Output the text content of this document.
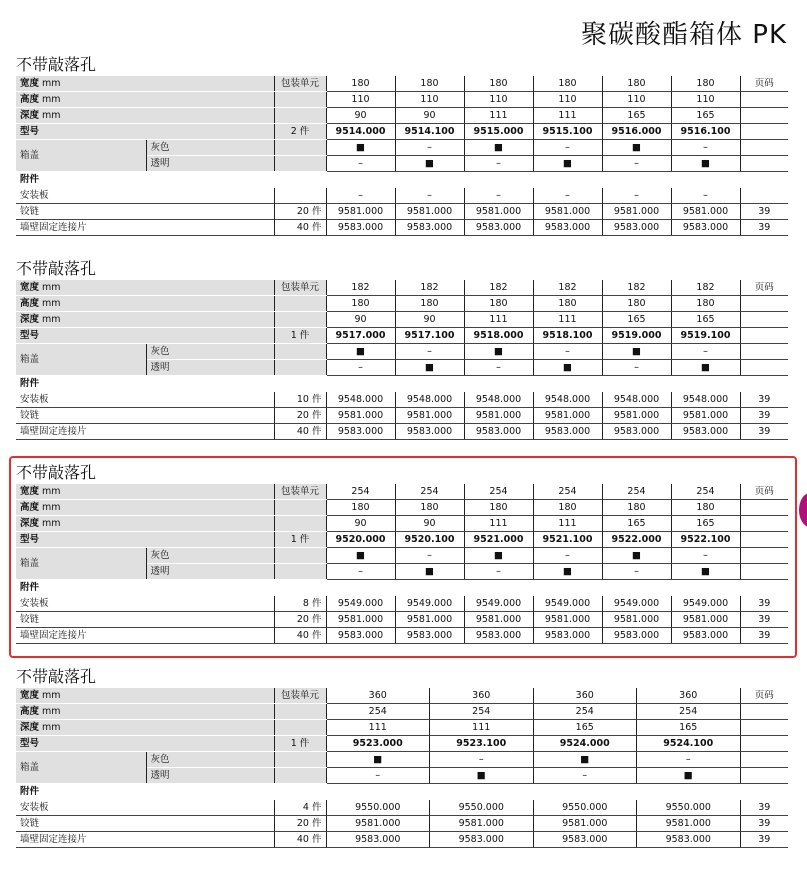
聚碳酸酯箱体 PK
不带敲落孔
宽度 mm		包装单元	180	180	180	180	180	180	页码
高度 mm			110	110	110	110	110	110	
深度 mm			90	90	111	111	165	165	
型号		2 件	9514.000	9514.100	9515.000	9515.100	9516.000	9516.100	
箱盖	灰色		■	–	■	–	■	–	
	透明		–	■	–	■	–	■	
附件									
安装板			–	–	–	–	–	–	
铰链		20 件	9581.000	9581.000	9581.000	9581.000	9581.000	9581.000	39
墙壁固定连接片		40 件	9583.000	9583.000	9583.000	9583.000	9583.000	9583.000	39
不带敲落孔
宽度 mm		包装单元	182	182	182	182	182	182	页码
高度 mm			180	180	180	180	180	180	
深度 mm			90	90	111	111	165	165	
型号		1 件	9517.000	9517.100	9518.000	9518.100	9519.000	9519.100	
箱盖	灰色		■	–	■	–	■	–	
	透明		–	■	–	■	–	■	
附件									
安装板		10 件	9548.000	9548.000	9548.000	9548.000	9548.000	9548.000	39
铰链		20 件	9581.000	9581.000	9581.000	9581.000	9581.000	9581.000	39
墙壁固定连接片		40 件	9583.000	9583.000	9583.000	9583.000	9583.000	9583.000	39
不带敲落孔
宽度 mm		包装单元	254	254	254	254	254	254	页码
高度 mm			180	180	180	180	180	180	
深度 mm			90	90	111	111	165	165	
型号		1 件	9520.000	9520.100	9521.000	9521.100	9522.000	9522.100	
箱盖	灰色		■	–	■	–	■	–	
	透明		–	■	–	■	–	■	
附件									
安装板		8 件	9549.000	9549.000	9549.000	9549.000	9549.000	9549.000	39
铰链		20 件	9581.000	9581.000	9581.000	9581.000	9581.000	9581.000	39
墙壁固定连接片		40 件	9583.000	9583.000	9583.000	9583.000	9583.000	9583.000	39
不带敲落孔
宽度 mm		包装单元	360	360	360	360	页码
高度 mm			254	254	254	254	
深度 mm			111	111	165	165	
型号		1 件	9523.000	9523.100	9524.000	9524.100	
箱盖	灰色		■	–	■	–	
	透明		–	■	–	■	
附件							
安装板		4 件	9550.000	9550.000	9550.000	9550.000	39
铰链		20 件	9581.000	9581.000	9581.000	9581.000	39
墙壁固定连接片		40 件	9583.000	9583.000	9583.000	9583.000	39
